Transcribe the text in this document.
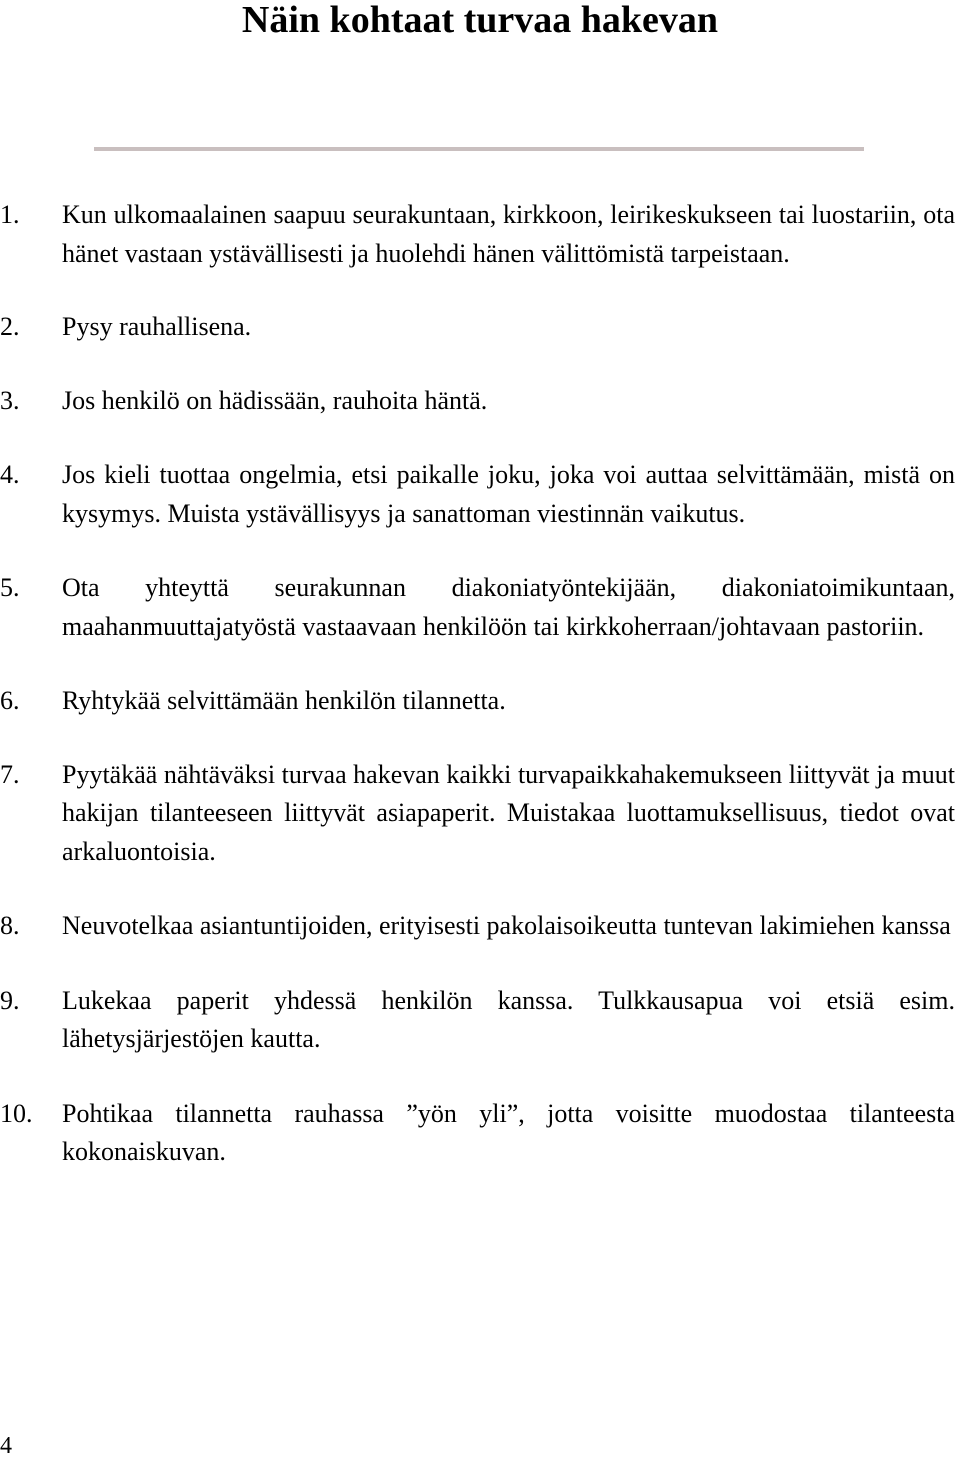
Näin kohtaat turvaa hakevan
1.	Kun ulkomaalainen saapuu seurakuntaan, kirkkoon, leirikeskukseen tai luostariin, ota hänet vastaan ystävällisesti ja huolehdi hänen välittömistä tarpeistaan.
2.	Pysy rauhallisena.
3.	Jos henkilö on hädissään, rauhoita häntä.
4.	Jos kieli tuottaa ongelmia, etsi paikalle joku, joka voi auttaa selvittämään, mistä on kysymys. Muista ystävällisyys ja sanattoman viestinnän vaikutus.
5.	Ota yhteyttä seurakunnan diakoniatyöntekijään, diakoniatoimikuntaan, maahanmuuttajatyöstä vastaavaan henkilöön tai kirkkoherraan/johtavaan pastoriin.
6.	Ryhtykää selvittämään henkilön tilannetta.
7.	Pyytäkää nähtäväksi turvaa hakevan kaikki turvapaikkahakemukseen liittyvät ja muut hakijan tilanteeseen liittyvät asiapaperit. Muistakaa luottamuksellisuus, tiedot ovat arkaluontoisia.
8.	Neuvotelkaa asiantuntijoiden, erityisesti pakolaisoikeutta tuntevan lakimiehen kanssa
9.	Lukekaa paperit yhdessä henkilön kanssa. Tulkkausapua voi etsiä esim. lähetysjärjestöjen kautta.
10.	Pohtikaa tilannetta rauhassa ”yön yli”, jotta voisitte muodostaa tilanteesta kokonaiskuvan.
4
